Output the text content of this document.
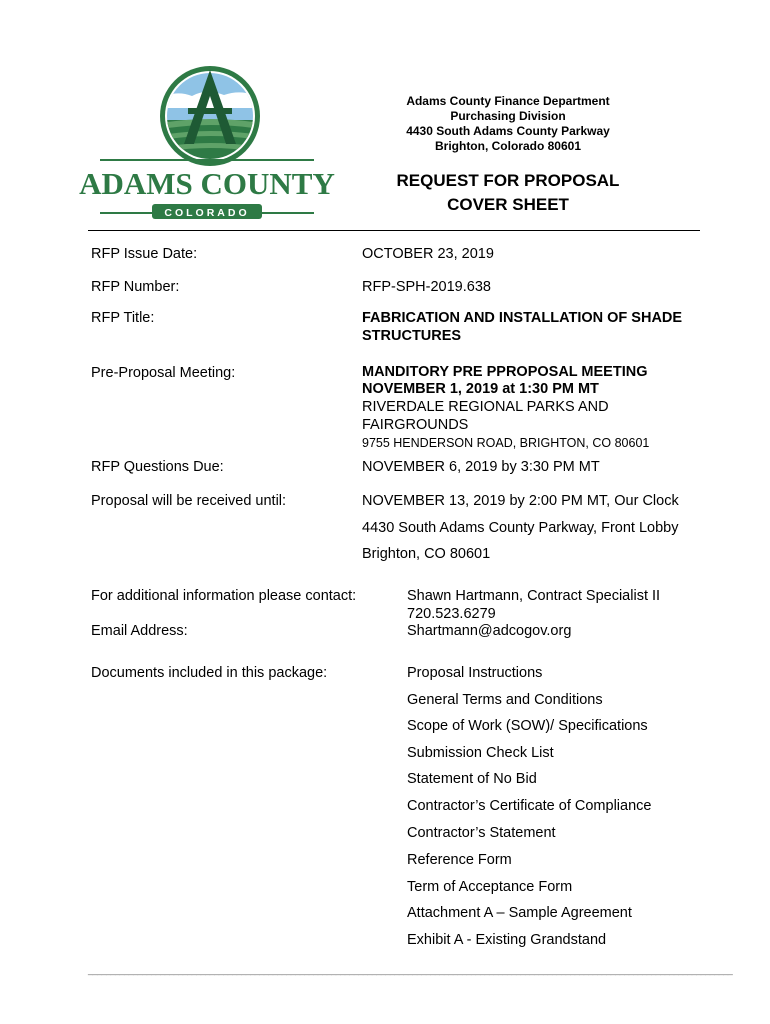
ADAMS COUNTY
COLORADO
Adams County Finance Department
Purchasing Division
4430 South Adams County Parkway
Brighton, Colorado 80601
REQUEST FOR PROPOSAL
COVER SHEET
RFP Issue Date:	OCTOBER 23, 2019
RFP Number:	RFP-SPH-2019.638
RFP Title:	FABRICATION AND INSTALLATION OF SHADE
STRUCTURES
Pre-Proposal Meeting:	MANDITORY PRE PPROPOSAL MEETING
NOVEMBER 1, 2019 at 1:30 PM MT
RIVERDALE REGIONAL PARKS AND
FAIRGROUNDS
9755 HENDERSON ROAD, BRIGHTON, CO 80601
RFP Questions Due:	NOVEMBER 6, 2019 by 3:30 PM MT
Proposal will be received until:	NOVEMBER 13, 2019 by 2:00 PM MT, Our Clock
4430 South Adams County Parkway, Front Lobby
Brighton, CO 80601
For additional information please contact:	Shawn Hartmann, Contract Specialist II
720.523.6279
Email Address:	Shartmann@adcogov.org
Documents included in this package:	Proposal Instructions
General Terms and Conditions
Scope of Work (SOW)/ Specifications
Submission Check List
Statement of No Bid
Contractor’s Certificate of Compliance
Contractor’s Statement
Reference Form
Term of Acceptance Form
Attachment A – Sample Agreement
Exhibit A - Existing Grandstand
_______________________________________________________________________________________________________________________________________________
